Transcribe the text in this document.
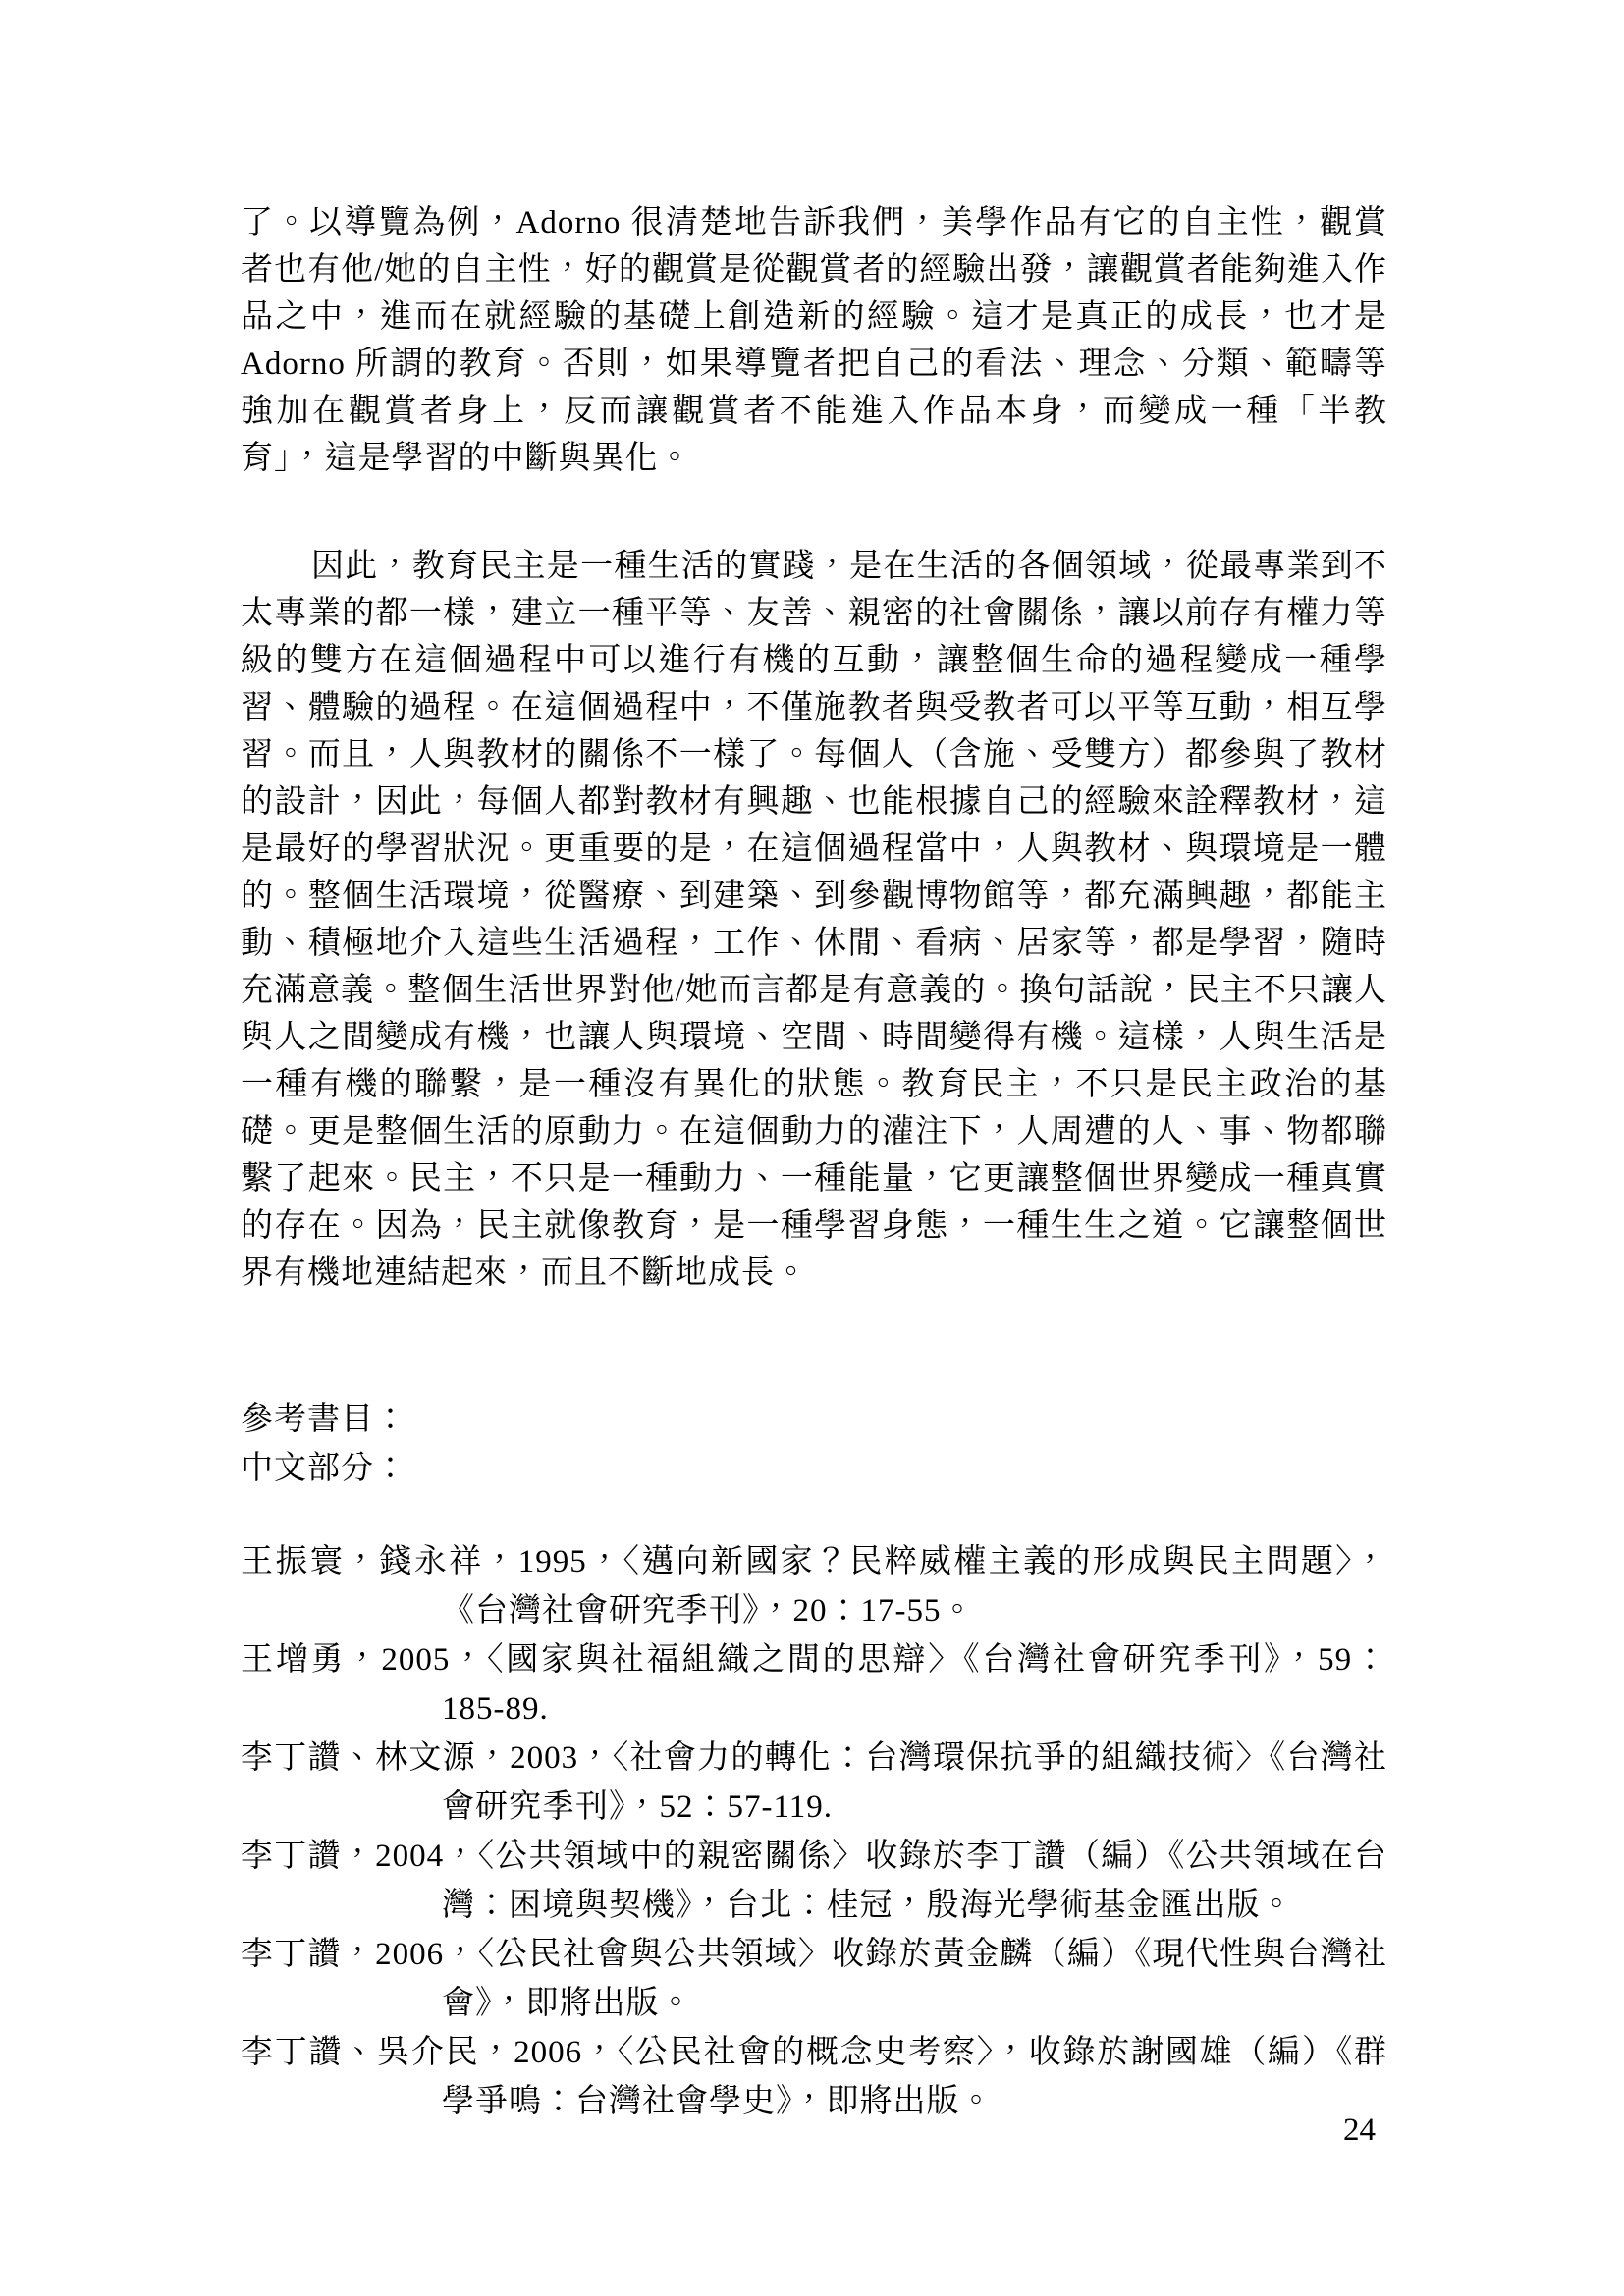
了。以導覽為例，Adorno 很清楚地告訴我們，美學作品有它的自主性，觀賞者也有他/她的自主性，好的觀賞是從觀賞者的經驗出發，讓觀賞者能夠進入作品之中，進而在就經驗的基礎上創造新的經驗。這才是真正的成長，也才是 Adorno 所謂的教育。否則，如果導覽者把自己的看法、理念、分類、範疇等強加在觀賞者身上，反而讓觀賞者不能進入作品本身，而變成一種「半教育」，這是學習的中斷與異化。

因此，教育民主是一種生活的實踐，是在生活的各個領域，從最專業到不太專業的都一樣，建立一種平等、友善、親密的社會關係，讓以前存有權力等級的雙方在這個過程中可以進行有機的互動，讓整個生命的過程變成一種學習、體驗的過程。在這個過程中，不僅施教者與受教者可以平等互動，相互學習。而且，人與教材的關係不一樣了。每個人（含施、受雙方）都參與了教材的設計，因此，每個人都對教材有興趣、也能根據自己的經驗來詮釋教材，這是最好的學習狀況。更重要的是，在這個過程當中，人與教材、與環境是一體的。整個生活環境，從醫療、到建築、到參觀博物館等，都充滿興趣，都能主動、積極地介入這些生活過程，工作、休閒、看病、居家等，都是學習，隨時充滿意義。整個生活世界對他/她而言都是有意義的。換句話說，民主不只讓人與人之間變成有機，也讓人與環境、空間、時間變得有機。這樣，人與生活是一種有機的聯繫，是一種沒有異化的狀態。教育民主，不只是民主政治的基礎。更是整個生活的原動力。在這個動力的灌注下，人周遭的人、事、物都聯繫了起來。民主，不只是一種動力、一種能量，它更讓整個世界變成一種真實的存在。因為，民主就像教育，是一種學習身態，一種生生之道。它讓整個世界有機地連結起來，而且不斷地成長。

參考書目：

中文部分：

王振寰，錢永祥，1995，〈邁向新國家？民粹威權主義的形成與民主問題〉，《台灣社會研究季刊》，20：17-55。

王增勇，2005，〈國家與社福組織之間的思辯〉《台灣社會研究季刊》，59：185-89.

李丁讚、林文源，2003，〈社會力的轉化：台灣環保抗爭的組織技術〉《台灣社會研究季刊》，52：57-119.

李丁讚，2004，〈公共領域中的親密關係〉收錄於李丁讚（編）《公共領域在台灣：困境與契機》，台北：桂冠，殷海光學術基金匯出版。

李丁讚，2006，〈公民社會與公共領域〉收錄於黃金麟（編）《現代性與台灣社會》，即將出版。

李丁讚、吳介民，2006，〈公民社會的概念史考察〉，收錄於謝國雄（編）《群學爭鳴：台灣社會學史》，即將出版。

24
